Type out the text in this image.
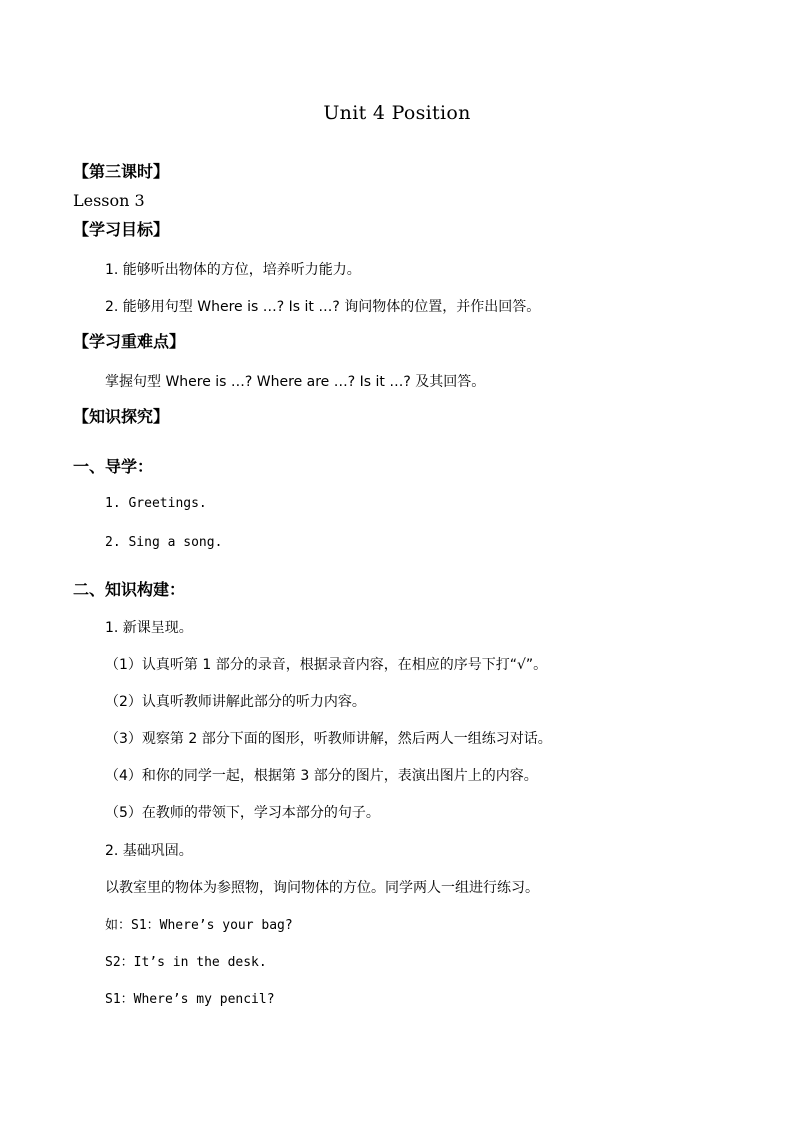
Unit 4 Position
【第三课时】
Lesson 3
【学习目标】
1. 能够听出物体的方位，培养听力能力。
2. 能够用句型 Where is …? Is it …? 询问物体的位置，并作出回答。
【学习重难点】
掌握句型 Where is …? Where are …? Is it …? 及其回答。
【知识探究】
一、导学：
1. Greetings.
2. Sing a song.
二、知识构建：
1. 新课呈现。
（1）认真听第 1 部分的录音，根据录音内容，在相应的序号下打“√”。
（2）认真听教师讲解此部分的听力内容。
（3）观察第 2 部分下面的图形，听教师讲解，然后两人一组练习对话。
（4）和你的同学一起，根据第 3 部分的图片，表演出图片上的内容。
（5）在教师的带领下，学习本部分的句子。
2. 基础巩固。
以教室里的物体为参照物，询问物体的方位。同学两人一组进行练习。
如：S1：Where’s your bag?
S2：It’s in the desk.
S1：Where’s my pencil?
